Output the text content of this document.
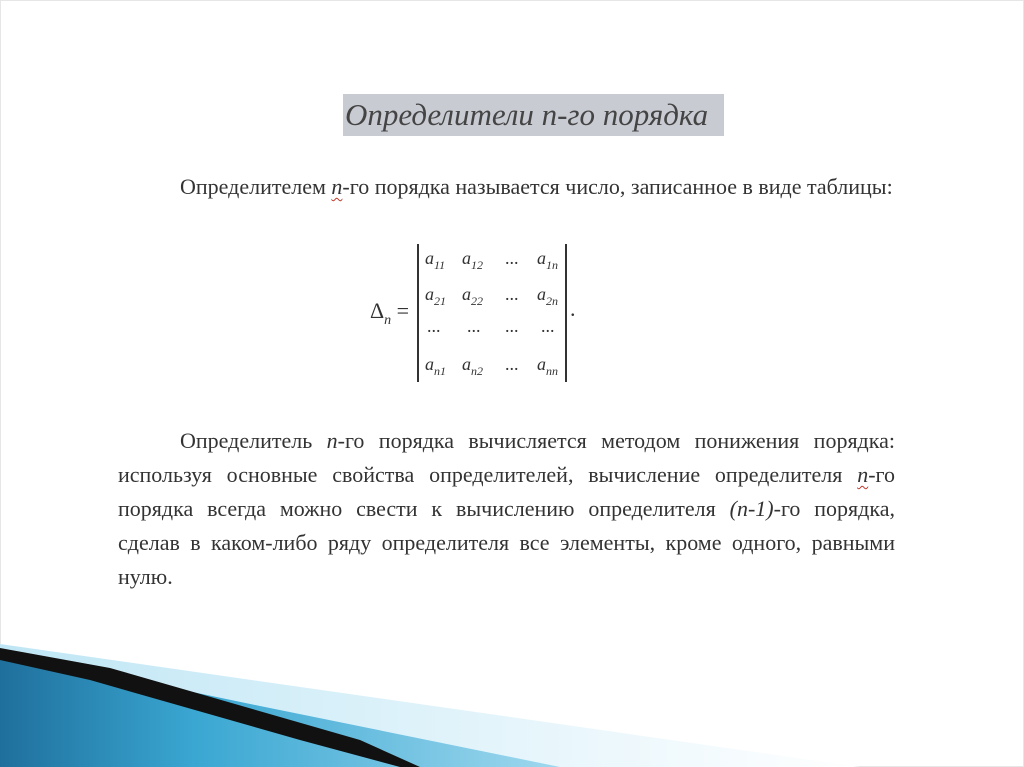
Определители n-го порядка
Определителем n-го порядка называется число, записанное в виде таблицы:
$\Delta_n$ =
$a_{11}$ $a_{12}$ ... $a_{1n}$
$a_{21}$ $a_{22}$ ... $a_{2n}$
... ... ... ...
$a_{n1}$ $a_{n2}$ ... $a_{nn}$
.
Определитель n-го порядка вычисляется методом понижения порядка: используя основные свойства определителей, вычисление определителя n-го порядка всегда можно свести к вычислению определителя (n-1)-го порядка, сделав в каком-либо ряду определителя все элементы, кроме одного, равными нулю.
